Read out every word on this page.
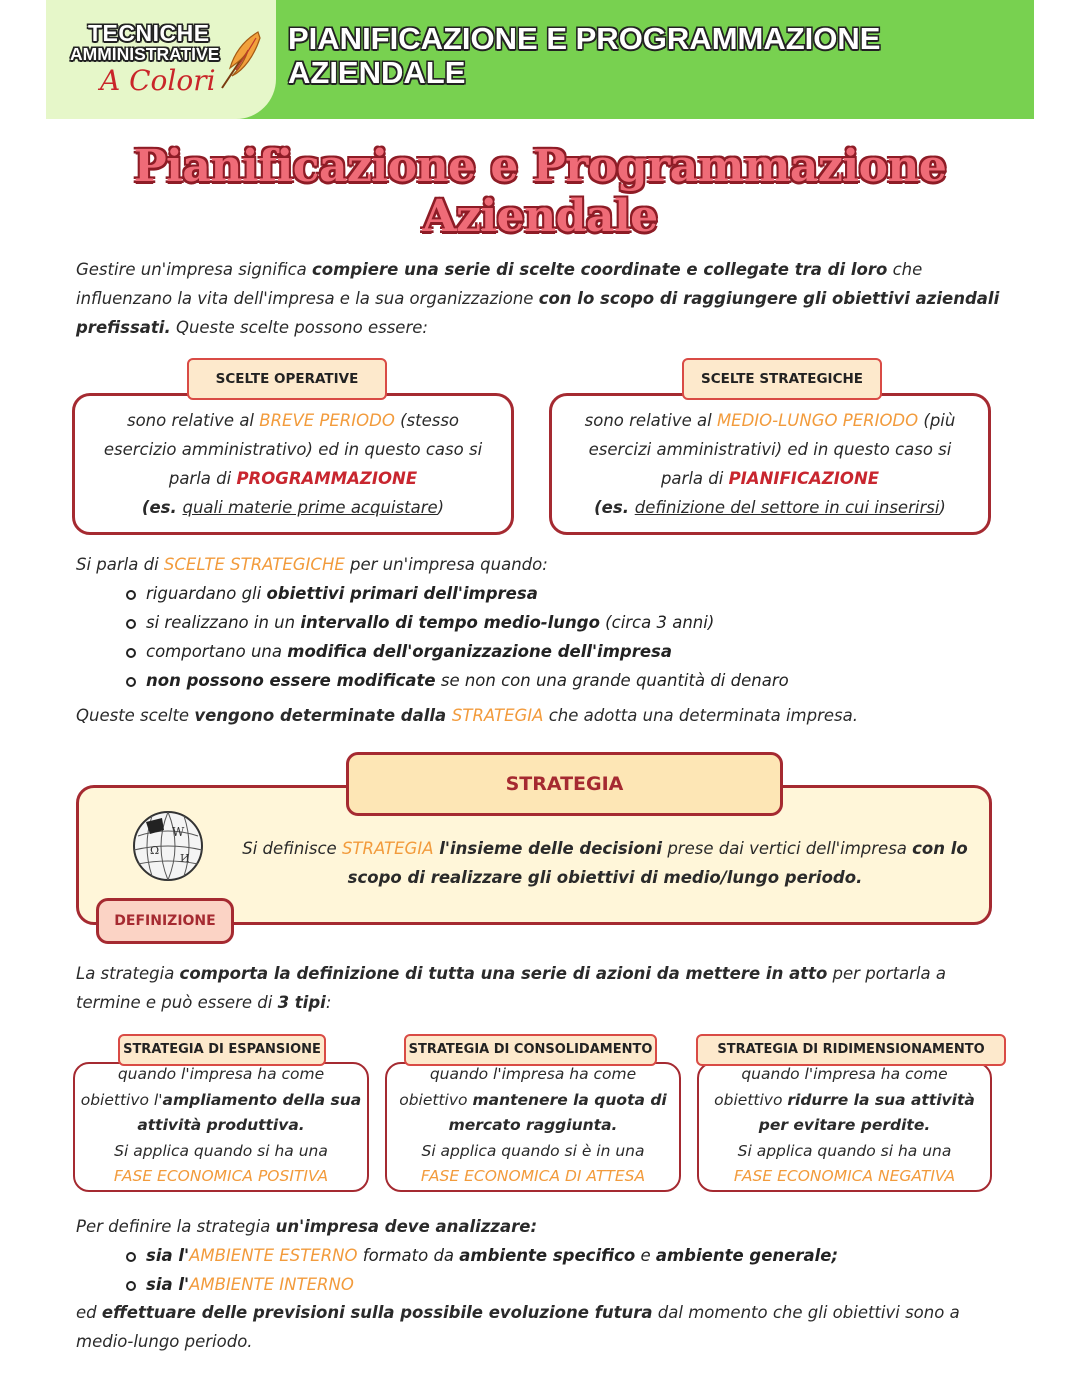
TECNICHE
AMMINISTRATIVE
A Colori
PIANIFICAZIONE E PROGRAMMAZIONE
AZIENDALE
Pianificazione e Programmazione
Aziendale
Gestire un'impresa significa compiere una serie di scelte coordinate e collegate tra di loro che influenzano la vita dell'impresa e la sua organizzazione con lo scopo di raggiungere gli obiettivi aziendali prefissati. Queste scelte possono essere:
SCELTE OPERATIVE
sono relative al BREVE PERIODO (stesso esercizio amministrativo) ed in questo caso si parla di PROGRAMMAZIONE
(es. quali materie prime acquistare)
SCELTE STRATEGICHE
sono relative al MEDIO-LUNGO PERIODO (più esercizi amministrativi) ed in questo caso si parla di PIANIFICAZIONE
(es. definizione del settore in cui inserirsi)
Si parla di SCELTE STRATEGICHE per un'impresa quando:
riguardano gli obiettivi primari dell'impresa
si realizzano in un intervallo di tempo medio-lungo (circa 3 anni)
comportano una modifica dell'organizzazione dell'impresa
non possono essere modificate se non con una grande quantità di denaro
Queste scelte vengono determinate dalla STRATEGIA che adotta una determinata impresa.
STRATEGIA
W
Ω
И
DEFINIZIONE
Si definisce STRATEGIA l'insieme delle decisioni prese dai vertici dell'impresa con lo scopo di realizzare gli obiettivi di medio/lungo periodo.
La strategia comporta la definizione di tutta una serie di azioni da mettere in atto per portarla a termine e può essere di 3 tipi:
STRATEGIA DI ESPANSIONE
quando l'impresa ha come
obiettivo l'ampliamento della sua
attività produttiva.
Si applica quando si ha una
FASE ECONOMICA POSITIVA
STRATEGIA DI CONSOLIDAMENTO
quando l'impresa ha come
obiettivo mantenere la quota di
mercato raggiunta.
Si applica quando si è in una
FASE ECONOMICA DI ATTESA
STRATEGIA DI RIDIMENSIONAMENTO
quando l'impresa ha come
obiettivo ridurre la sua attività
per evitare perdite.
Si applica quando si ha una
FASE ECONOMICA NEGATIVA
Per definire la strategia un'impresa deve analizzare:
sia l'AMBIENTE ESTERNO formato da ambiente specifico e ambiente generale;
sia l'AMBIENTE INTERNO
ed effettuare delle previsioni sulla possibile evoluzione futura dal momento che gli obiettivi sono a medio-lungo periodo.
